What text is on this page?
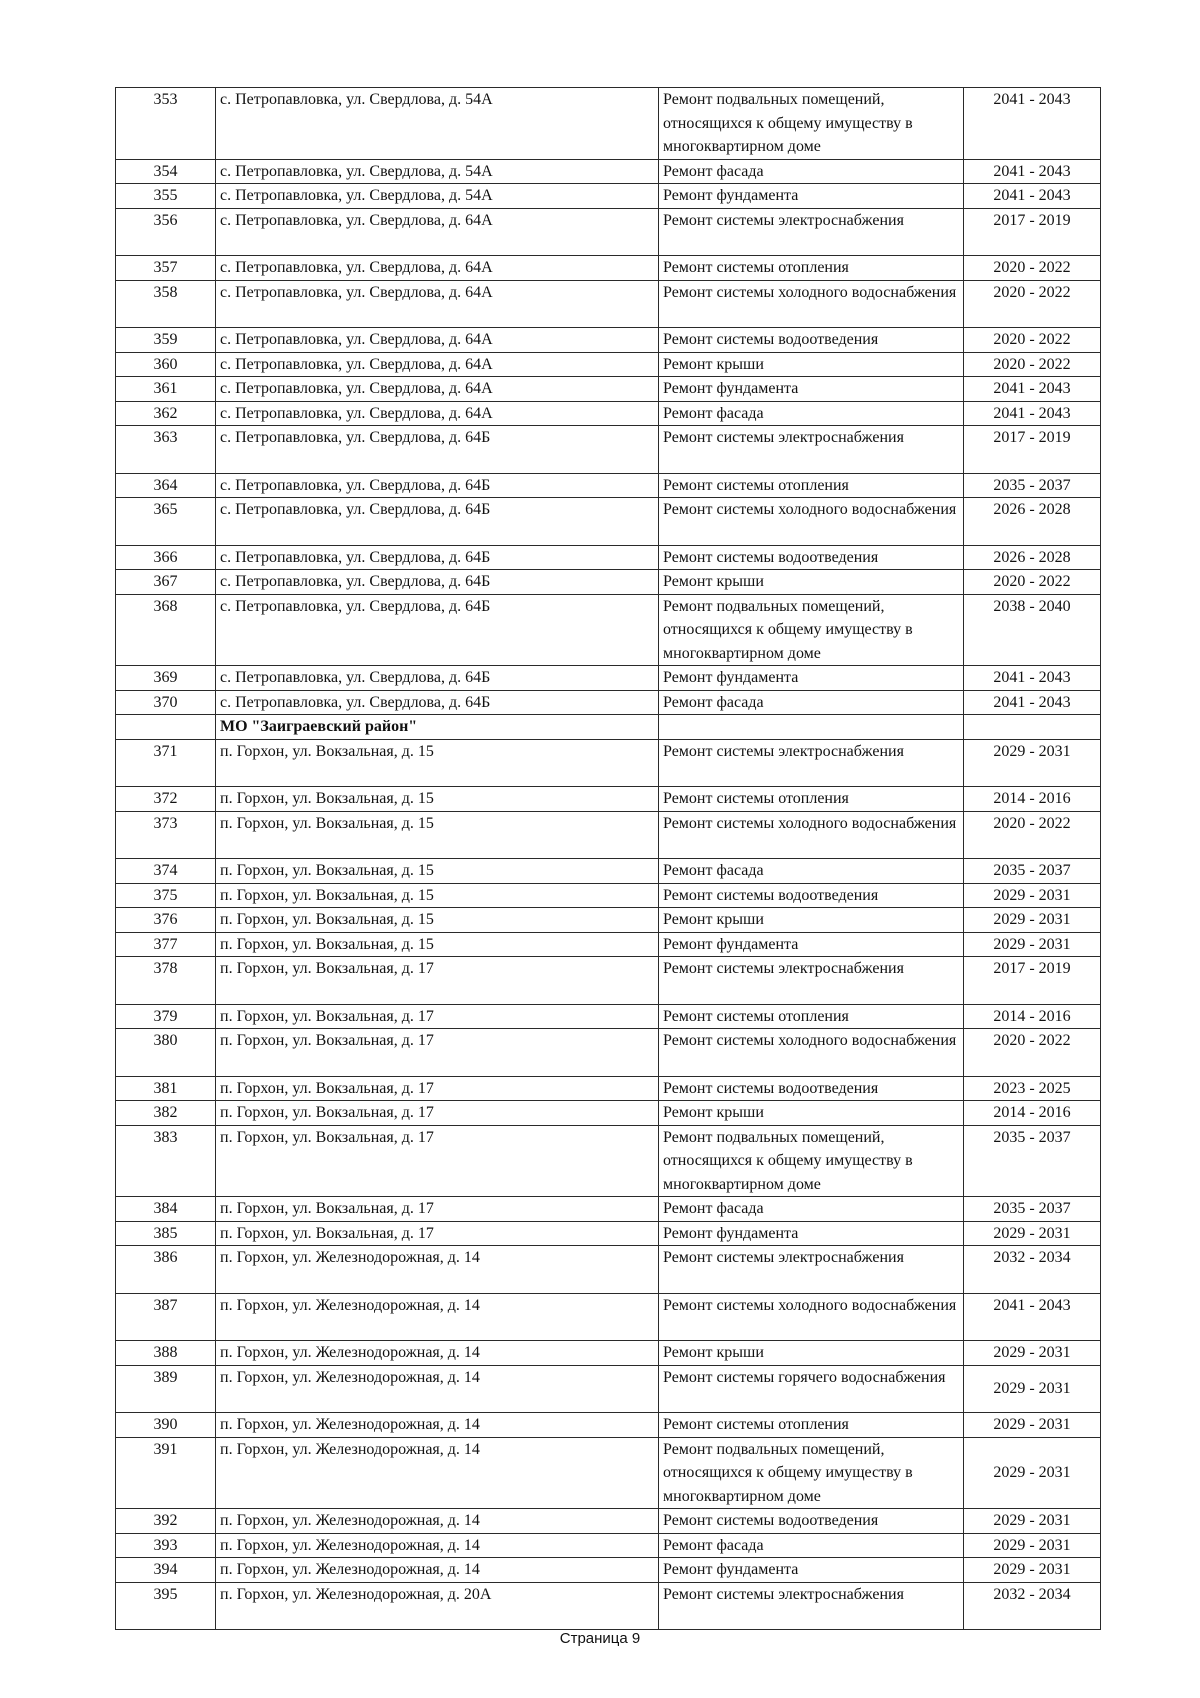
353	с. Петропавловка, ул. Свердлова, д. 54А	Ремонт подвальных помещений, относящихся к общему имуществу в многоквартирном доме	2041 - 2043
354	с. Петропавловка, ул. Свердлова, д. 54А	Ремонт фасада	2041 - 2043
355	с. Петропавловка, ул. Свердлова, д. 54А	Ремонт фундамента	2041 - 2043
356	с. Петропавловка, ул. Свердлова, д. 64А	Ремонт системы электроснабжения	2017 - 2019
357	с. Петропавловка, ул. Свердлова, д. 64А	Ремонт системы отопления	2020 - 2022
358	с. Петропавловка, ул. Свердлова, д. 64А	Ремонт системы холодного водоснабжения	2020 - 2022
359	с. Петропавловка, ул. Свердлова, д. 64А	Ремонт системы водоотведения	2020 - 2022
360	с. Петропавловка, ул. Свердлова, д. 64А	Ремонт крыши	2020 - 2022
361	с. Петропавловка, ул. Свердлова, д. 64А	Ремонт фундамента	2041 - 2043
362	с. Петропавловка, ул. Свердлова, д. 64А	Ремонт фасада	2041 - 2043
363	с. Петропавловка, ул. Свердлова, д. 64Б	Ремонт системы электроснабжения	2017 - 2019
364	с. Петропавловка, ул. Свердлова, д. 64Б	Ремонт системы отопления	2035 - 2037
365	с. Петропавловка, ул. Свердлова, д. 64Б	Ремонт системы холодного водоснабжения	2026 - 2028
366	с. Петропавловка, ул. Свердлова, д. 64Б	Ремонт системы водоотведения	2026 - 2028
367	с. Петропавловка, ул. Свердлова, д. 64Б	Ремонт крыши	2020 - 2022
368	с. Петропавловка, ул. Свердлова, д. 64Б	Ремонт подвальных помещений, относящихся к общему имуществу в многоквартирном доме	2038 - 2040
369	с. Петропавловка, ул. Свердлова, д. 64Б	Ремонт фундамента	2041 - 2043
370	с. Петропавловка, ул. Свердлова, д. 64Б	Ремонт фасада	2041 - 2043
	МО "Заиграевский район"		
371	п. Горхон, ул. Вокзальная, д. 15	Ремонт системы электроснабжения	2029 - 2031
372	п. Горхон, ул. Вокзальная, д. 15	Ремонт системы отопления	2014 - 2016
373	п. Горхон, ул. Вокзальная, д. 15	Ремонт системы холодного водоснабжения	2020 - 2022
374	п. Горхон, ул. Вокзальная, д. 15	Ремонт фасада	2035 - 2037
375	п. Горхон, ул. Вокзальная, д. 15	Ремонт системы водоотведения	2029 - 2031
376	п. Горхон, ул. Вокзальная, д. 15	Ремонт крыши	2029 - 2031
377	п. Горхон, ул. Вокзальная, д. 15	Ремонт фундамента	2029 - 2031
378	п. Горхон, ул. Вокзальная, д. 17	Ремонт системы электроснабжения	2017 - 2019
379	п. Горхон, ул. Вокзальная, д. 17	Ремонт системы отопления	2014 - 2016
380	п. Горхон, ул. Вокзальная, д. 17	Ремонт системы холодного водоснабжения	2020 - 2022
381	п. Горхон, ул. Вокзальная, д. 17	Ремонт системы водоотведения	2023 - 2025
382	п. Горхон, ул. Вокзальная, д. 17	Ремонт крыши	2014 - 2016
383	п. Горхон, ул. Вокзальная, д. 17	Ремонт подвальных помещений, относящихся к общему имуществу в многоквартирном доме	2035 - 2037
384	п. Горхон, ул. Вокзальная, д. 17	Ремонт фасада	2035 - 2037
385	п. Горхон, ул. Вокзальная, д. 17	Ремонт фундамента	2029 - 2031
386	п. Горхон, ул. Железнодорожная, д. 14	Ремонт системы электроснабжения	2032 - 2034
387	п. Горхон, ул. Железнодорожная, д. 14	Ремонт системы холодного водоснабжения	2041 - 2043
388	п. Горхон, ул. Железнодорожная, д. 14	Ремонт крыши	2029 - 2031
389	п. Горхон, ул. Железнодорожная, д. 14	Ремонт системы горячего водоснабжения	2029 - 2031
390	п. Горхон, ул. Железнодорожная, д. 14	Ремонт системы отопления	2029 - 2031
391	п. Горхон, ул. Железнодорожная, д. 14	Ремонт подвальных помещений, относящихся к общему имуществу в многоквартирном доме	2029 - 2031
392	п. Горхон, ул. Железнодорожная, д. 14	Ремонт системы водоотведения	2029 - 2031
393	п. Горхон, ул. Железнодорожная, д. 14	Ремонт фасада	2029 - 2031
394	п. Горхон, ул. Железнодорожная, д. 14	Ремонт фундамента	2029 - 2031
395	п. Горхон, ул. Железнодорожная, д. 20А	Ремонт системы электроснабжения	2032 - 2034
Страница 9
